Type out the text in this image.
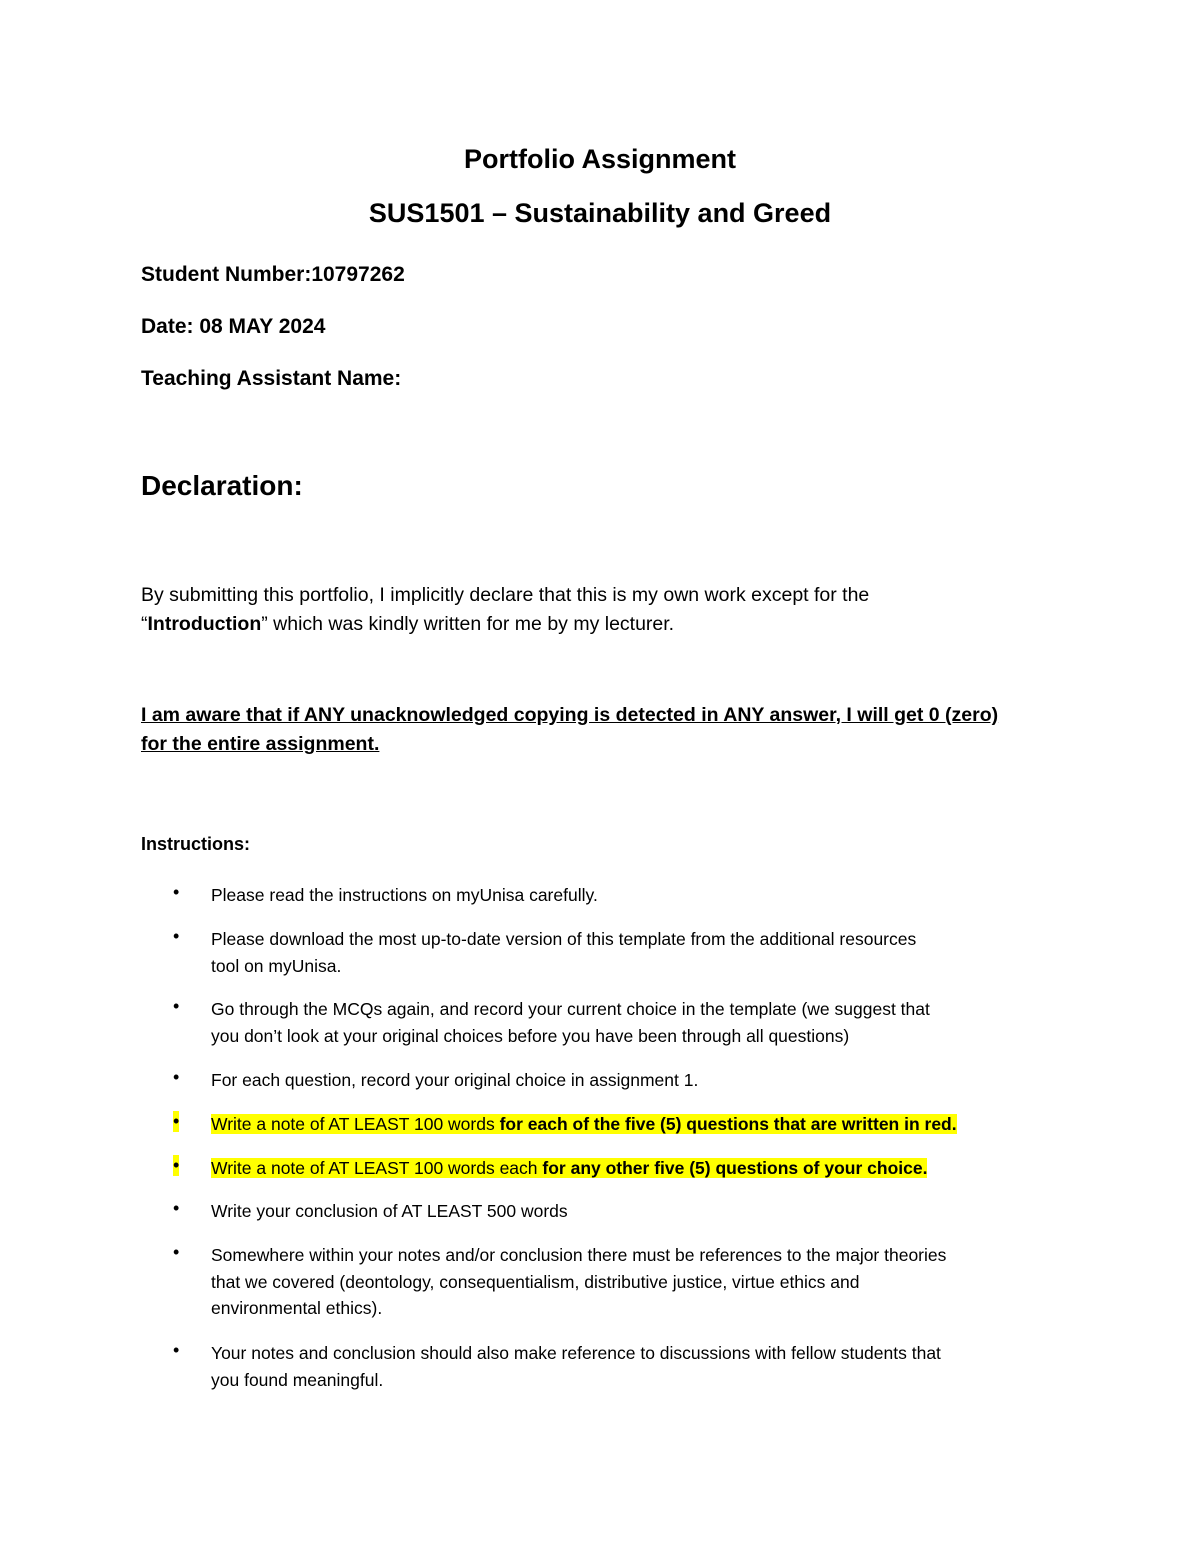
Portfolio Assignment
SUS1501 – Sustainability and Greed
Student Number:10797262
Date: 08 MAY 2024
Teaching Assistant Name:
Declaration:
By submitting this portfolio, I implicitly declare that this is my own work except for the
“Introduction” which was kindly written for me by my lecturer.
I am aware that if ANY unacknowledged copying is detected in ANY answer, I will get 0 (zero)
for the entire assignment.
Instructions:
• Please read the instructions on myUnisa carefully.
• Please download the most up-to-date version of this template from the additional resources
tool on myUnisa.
• Go through the MCQs again, and record your current choice in the template (we suggest that
you don’t look at your original choices before you have been through all questions)
• For each question, record your original choice in assignment 1.
• Write a note of AT LEAST 100 words for each of the five (5) questions that are written in red.
• Write a note of AT LEAST 100 words each for any other five (5) questions of your choice.
• Write your conclusion of AT LEAST 500 words
• Somewhere within your notes and/or conclusion there must be references to the major theories
that we covered (deontology, consequentialism, distributive justice, virtue ethics and
environmental ethics).
• Your notes and conclusion should also make reference to discussions with fellow students that
you found meaningful.
